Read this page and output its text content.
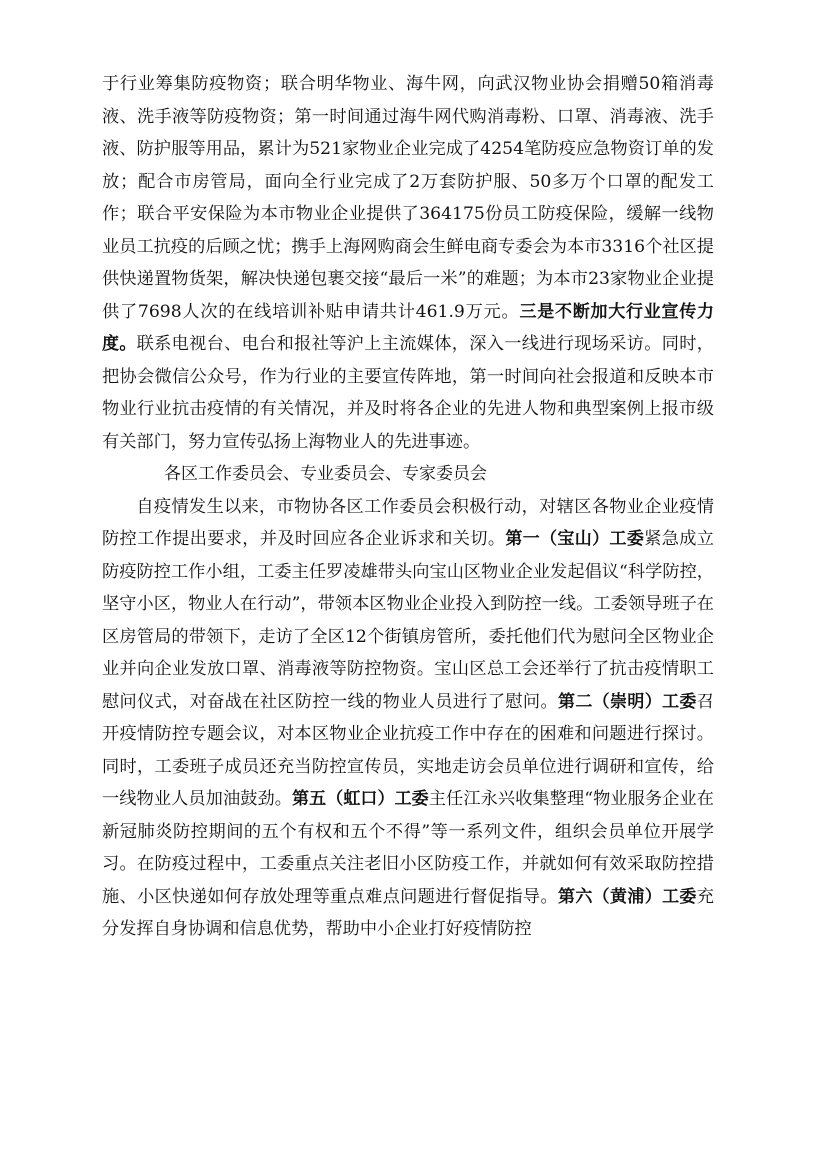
于行业筹集防疫物资；联合明华物业、海牛网，向武汉物业协会捐赠50箱消毒液、洗手液等防疫物资；第一时间通过海牛网代购消毒粉、口罩、消毒液、洗手液、防护服等用品，累计为521家物业企业完成了4254笔防疫应急物资订单的发放；配合市房管局，面向全行业完成了2万套防护服、50多万个口罩的配发工作；联合平安保险为本市物业企业提供了364175份员工防疫保险，缓解一线物业员工抗疫的后顾之忧；携手上海网购商会生鲜电商专委会为本市3316个社区提供快递置物货架，解决快递包裹交接“最后一米”的难题；为本市23家物业企业提供了7698人次的在线培训补贴申请共计461.9万元。三是不断加大行业宣传力度。联系电视台、电台和报社等沪上主流媒体，深入一线进行现场采访。同时，把协会微信公众号，作为行业的主要宣传阵地，第一时间向社会报道和反映本市物业行业抗击疫情的有关情况，并及时将各企业的先进人物和典型案例上报市级有关部门，努力宣传弘扬上海物业人的先进事迹。

各区工作委员会、专业委员会、专家委员会

自疫情发生以来，市物协各区工作委员会积极行动，对辖区各物业企业疫情防控工作提出要求，并及时回应各企业诉求和关切。第一（宝山）工委紧急成立防疫防控工作小组，工委主任罗凌雄带头向宝山区物业企业发起倡议“科学防控，坚守小区，物业人在行动”，带领本区物业企业投入到防控一线。工委领导班子在区房管局的带领下，走访了全区12个街镇房管所，委托他们代为慰问全区物业企业并向企业发放口罩、消毒液等防控物资。宝山区总工会还举行了抗击疫情职工慰问仪式，对奋战在社区防控一线的物业人员进行了慰问。第二（崇明）工委召开疫情防控专题会议，对本区物业企业抗疫工作中存在的困难和问题进行探讨。同时，工委班子成员还充当防控宣传员，实地走访会员单位进行调研和宣传，给一线物业人员加油鼓劲。第五（虹口）工委主任江永兴收集整理“物业服务企业在新冠肺炎防控期间的五个有权和五个不得”等一系列文件，组织会员单位开展学习。在防疫过程中，工委重点关注老旧小区防疫工作，并就如何有效采取防控措施、小区快递如何存放处理等重点难点问题进行督促指导。第六（黄浦）工委充分发挥自身协调和信息优势，帮助中小企业打好疫情防控
